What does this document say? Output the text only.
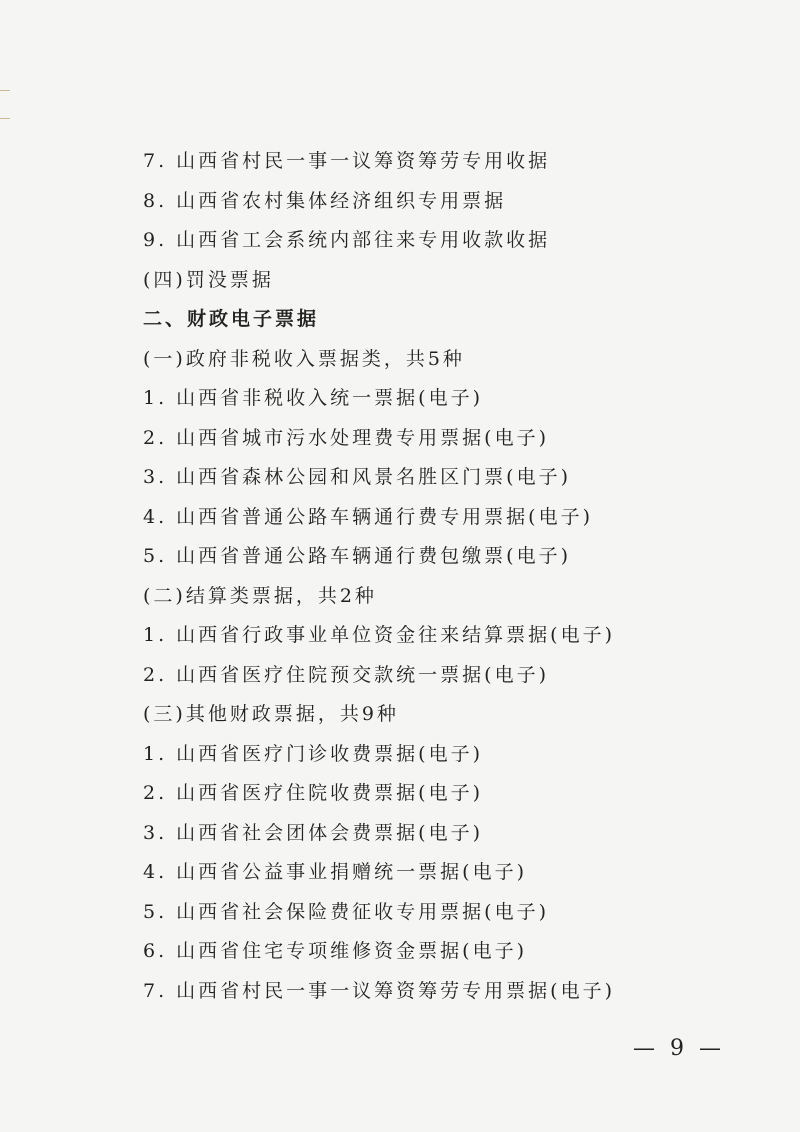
7. 山西省村民一事一议筹资筹劳专用收据
8. 山西省农村集体经济组织专用票据
9. 山西省工会系统内部往来专用收款收据
(四)罚没票据
二、财政电子票据
(一)政府非税收入票据类，共5种
1. 山西省非税收入统一票据(电子)
2. 山西省城市污水处理费专用票据(电子)
3. 山西省森林公园和风景名胜区门票(电子)
4. 山西省普通公路车辆通行费专用票据(电子)
5. 山西省普通公路车辆通行费包缴票(电子)
(二)结算类票据，共2种
1. 山西省行政事业单位资金往来结算票据(电子)
2. 山西省医疗住院预交款统一票据(电子)
(三)其他财政票据，共9种
1. 山西省医疗门诊收费票据(电子)
2. 山西省医疗住院收费票据(电子)
3. 山西省社会团体会费票据(电子)
4. 山西省公益事业捐赠统一票据(电子)
5. 山西省社会保险费征收专用票据(电子)
6. 山西省住宅专项维修资金票据(电子)
7. 山西省村民一事一议筹资筹劳专用票据(电子)
— 9 —
